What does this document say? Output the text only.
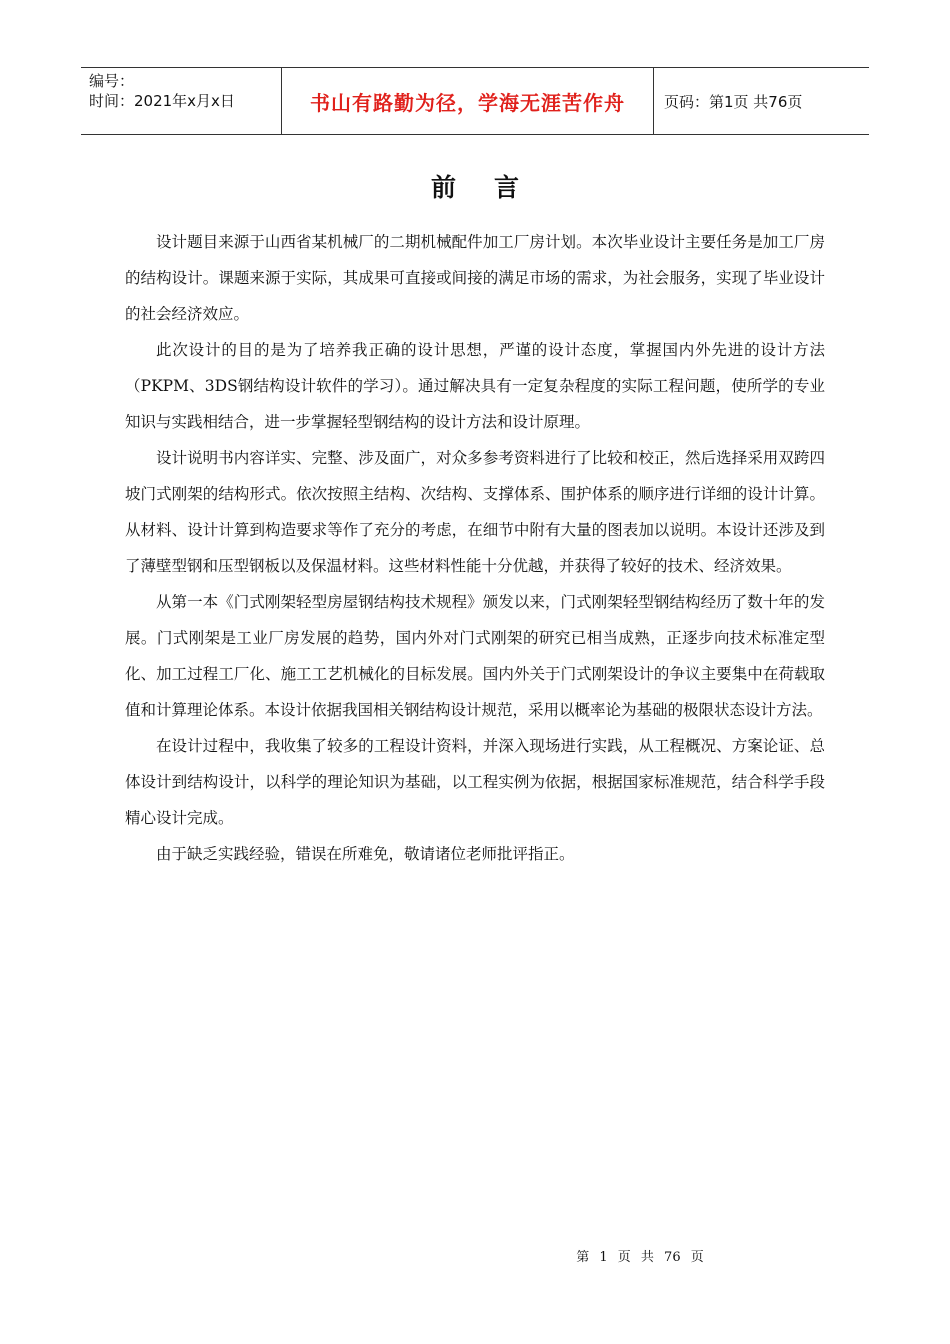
编号：
时间：2021年x月x日	书山有路勤为径，学海无涯苦作舟	页码：第1页 共76页
前言

设计题目来源于山西省某机械厂的二期机械配件加工厂房计划。本次毕业设计主要任务是加工厂房的结构设计。课题来源于实际，其成果可直接或间接的满足市场的需求，为社会服务，实现了毕业设计的社会经济效应。

此次设计的目的是为了培养我正确的设计思想，严谨的设计态度，掌握国内外先进的设计方法（PKPM、3DS钢结构设计软件的学习）。通过解决具有一定复杂程度的实际工程问题，使所学的专业知识与实践相结合，进一步掌握轻型钢结构的设计方法和设计原理。

设计说明书内容详实、完整、涉及面广，对众多参考资料进行了比较和校正，然后选择采用双跨四坡门式刚架的结构形式。依次按照主结构、次结构、支撑体系、围护体系的顺序进行详细的设计计算。从材料、设计计算到构造要求等作了充分的考虑，在细节中附有大量的图表加以说明。本设计还涉及到了薄壁型钢和压型钢板以及保温材料。这些材料性能十分优越，并获得了较好的技术、经济效果。

从第一本《门式刚架轻型房屋钢结构技术规程》颁发以来，门式刚架轻型钢结构经历了数十年的发展。门式刚架是工业厂房发展的趋势，国内外对门式刚架的研究已相当成熟，正逐步向技术标准定型化、加工过程工厂化、施工工艺机械化的目标发展。国内外关于门式刚架设计的争议主要集中在荷载取值和计算理论体系。本设计依据我国相关钢结构设计规范，采用以概率论为基础的极限状态设计方法。

在设计过程中，我收集了较多的工程设计资料，并深入现场进行实践，从工程概况、方案论证、总体设计到结构设计，以科学的理论知识为基础，以工程实例为依据，根据国家标准规范，结合科学手段精心设计完成。

由于缺乏实践经验，错误在所难免，敬请诸位老师批评指正。

第 1 页 共 76 页
